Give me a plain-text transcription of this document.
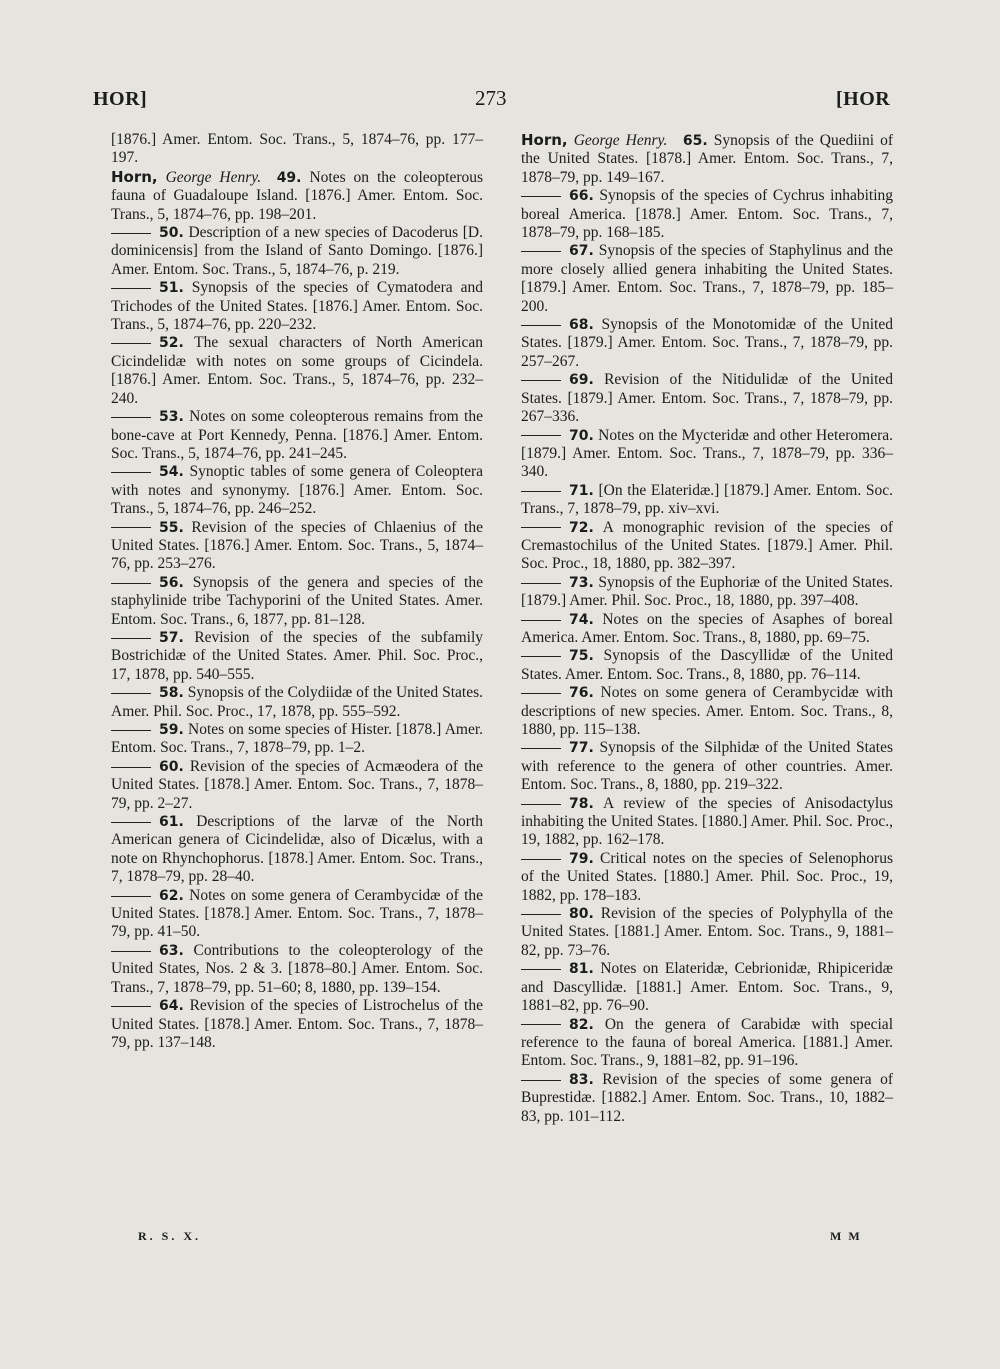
HOR]	273	[HOR

[1876.] Amer. Entom. Soc. Trans., 5, 1874–76, pp. 177–197.

Horn, George Henry.  49. Notes on the coleopterous fauna of Guadaloupe Island. [1876.] Amer. Entom. Soc. Trans., 5, 1874–76, pp. 198–201.

50. Description of a new species of Dacoderus [D. dominicensis] from the Island of Santo Domingo. [1876.] Amer. Entom. Soc. Trans., 5, 1874–76, p. 219.

51. Synopsis of the species of Cymatodera and Trichodes of the United States. [1876.] Amer. Entom. Soc. Trans., 5, 1874–76, pp. 220–232.

52. The sexual characters of North American Cicindelidæ with notes on some groups of Cicindela. [1876.] Amer. Entom. Soc. Trans., 5, 1874–76, pp. 232–240.

53. Notes on some coleopterous remains from the bone-cave at Port Kennedy, Penna. [1876.] Amer. Entom. Soc. Trans., 5, 1874–76, pp. 241–245.

54. Synoptic tables of some genera of Coleoptera with notes and synonymy. [1876.] Amer. Entom. Soc. Trans., 5, 1874–76, pp. 246–252.

55. Revision of the species of Chlaenius of the United States. [1876.] Amer. Entom. Soc. Trans., 5, 1874–76, pp. 253–276.

56. Synopsis of the genera and species of the staphylinide tribe Tachyporini of the United States. Amer. Entom. Soc. Trans., 6, 1877, pp. 81–128.

57. Revision of the species of the subfamily Bostrichidæ of the United States. Amer. Phil. Soc. Proc., 17, 1878, pp. 540–555.

58. Synopsis of the Colydiidæ of the United States. Amer. Phil. Soc. Proc., 17, 1878, pp. 555–592.

59. Notes on some species of Hister. [1878.] Amer. Entom. Soc. Trans., 7, 1878–79, pp. 1–2.

60. Revision of the species of Acmæodera of the United States. [1878.] Amer. Entom. Soc. Trans., 7, 1878–79, pp. 2–27.

61. Descriptions of the larvæ of the North American genera of Cicindelidæ, also of Dicælus, with a note on Rhynchophorus. [1878.] Amer. Entom. Soc. Trans., 7, 1878–79, pp. 28–40.

62. Notes on some genera of Cerambycidæ of the United States. [1878.] Amer. Entom. Soc. Trans., 7, 1878–79, pp. 41–50.

63. Contributions to the coleopterology of the United States, Nos. 2 & 3. [1878–80.] Amer. Entom. Soc. Trans., 7, 1878–79, pp. 51–60; 8, 1880, pp. 139–154.

64. Revision of the species of Listrochelus of the United States. [1878.] Amer. Entom. Soc. Trans., 7, 1878–79, pp. 137–148.

Horn, George Henry.  65. Synopsis of the Quediini of the United States. [1878.] Amer. Entom. Soc. Trans., 7, 1878–79, pp. 149–167.

66. Synopsis of the species of Cychrus inhabiting boreal America. [1878.] Amer. Entom. Soc. Trans., 7, 1878–79, pp. 168–185.

67. Synopsis of the species of Staphylinus and the more closely allied genera inhabiting the United States. [1879.] Amer. Entom. Soc. Trans., 7, 1878–79, pp. 185–200.

68. Synopsis of the Monotomidæ of the United States. [1879.] Amer. Entom. Soc. Trans., 7, 1878–79, pp. 257–267.

69. Revision of the Nitidulidæ of the United States. [1879.] Amer. Entom. Soc. Trans., 7, 1878–79, pp. 267–336.

70. Notes on the Mycteridæ and other Heteromera. [1879.] Amer. Entom. Soc. Trans., 7, 1878–79, pp. 336–340.

71. [On the Elateridæ.] [1879.] Amer. Entom. Soc. Trans., 7, 1878–79, pp. xiv–xvi.

72. A monographic revision of the species of Cremastochilus of the United States. [1879.] Amer. Phil. Soc. Proc., 18, 1880, pp. 382–397.

73. Synopsis of the Euphoriæ of the United States. [1879.] Amer. Phil. Soc. Proc., 18, 1880, pp. 397–408.

74. Notes on the species of Asaphes of boreal America. Amer. Entom. Soc. Trans., 8, 1880, pp. 69–75.

75. Synopsis of the Dascyllidæ of the United States. Amer. Entom. Soc. Trans., 8, 1880, pp. 76–114.

76. Notes on some genera of Cerambycidæ with descriptions of new species. Amer. Entom. Soc. Trans., 8, 1880, pp. 115–138.

77. Synopsis of the Silphidæ of the United States with reference to the genera of other countries. Amer. Entom. Soc. Trans., 8, 1880, pp. 219–322.

78. A review of the species of Anisodactylus inhabiting the United States. [1880.] Amer. Phil. Soc. Proc., 19, 1882, pp. 162–178.

79. Critical notes on the species of Selenophorus of the United States. [1880.] Amer. Phil. Soc. Proc., 19, 1882, pp. 178–183.

80. Revision of the species of Polyphylla of the United States. [1881.] Amer. Entom. Soc. Trans., 9, 1881–82, pp. 73–76.

81. Notes on Elateridæ, Cebrionidæ, Rhipiceridæ and Dascyllidæ. [1881.] Amer. Entom. Soc. Trans., 9, 1881–82, pp. 76–90.

82. On the genera of Carabidæ with special reference to the fauna of boreal America. [1881.] Amer. Entom. Soc. Trans., 9, 1881–82, pp. 91–196.

83. Revision of the species of some genera of Buprestidæ. [1882.] Amer. Entom. Soc. Trans., 10, 1882–83, pp. 101–112.

R. S. X.	M M
